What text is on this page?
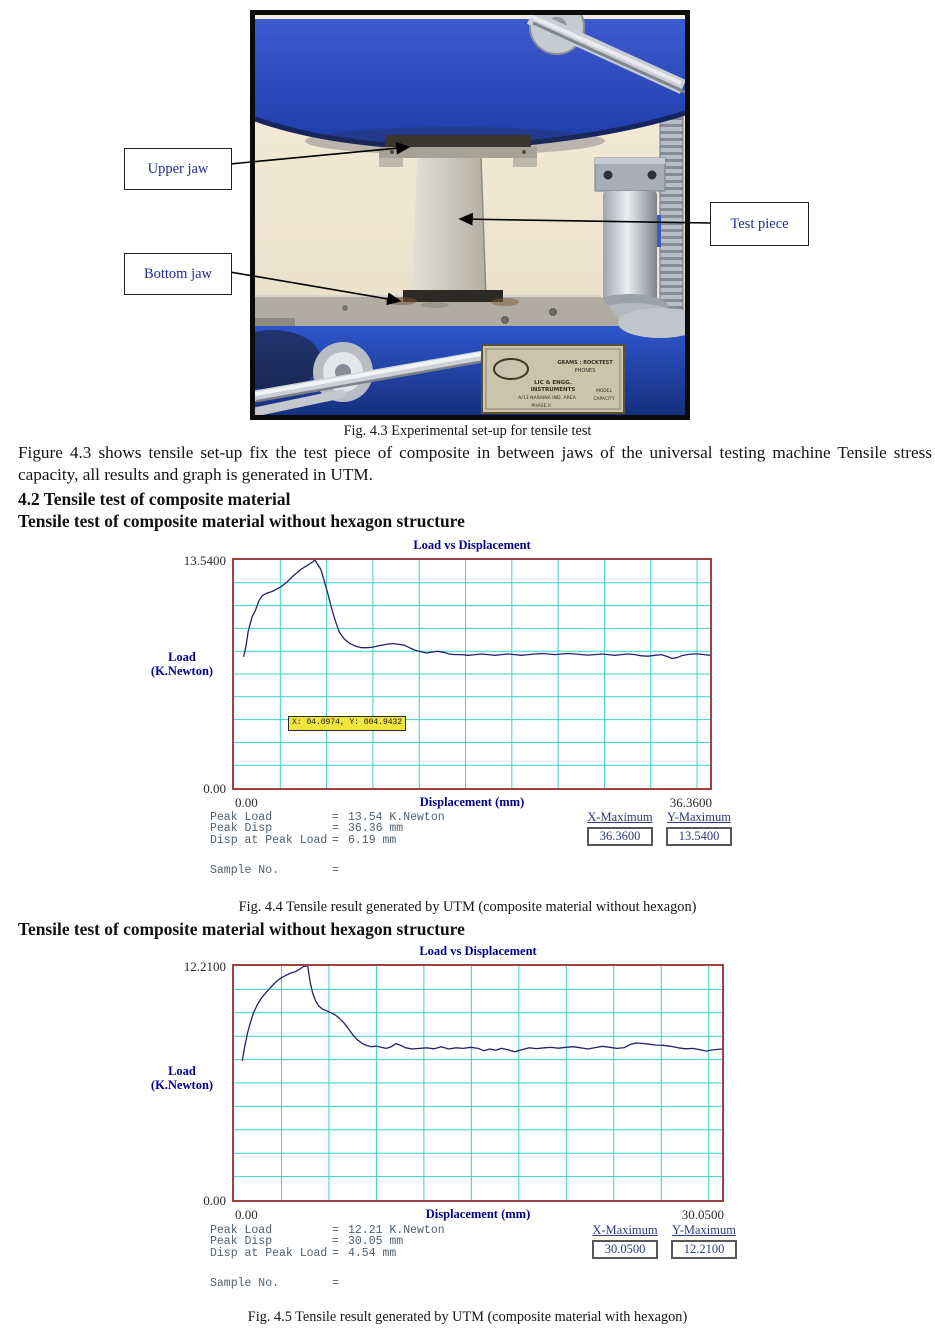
GRAMS : ROCKTEST
PHONES
LIC & ENGG.
INSTRUMENTS
A/13 NARAINA IND. AREA
PHASE II
MODEL
CAPACITY
Upper jaw
Bottom jaw
Test piece
Fig. 4.3 Experimental set-up for tensile test
Figure 4.3 shows tensile set-up fix the test piece of composite in between jaws of the universal testing machine Tensile stress capacity, all results and graph is generated in UTM.
4.2 Tensile test of composite material
Tensile test of composite material without hexagon structure
Load vs Displacement
13.5400
Load
(K.Newton)
X: 04.0974, Y: 004.9432
0.00
0.00	Displacement (mm)	36.3600
Peak Load	= 13.54 K.Newton
Peak Disp	= 36.36 mm
Disp at Peak Load = 6.19 mm
Sample No.	=
X-Maximum
36.3600
Y-Maximum
13.5400
Fig. 4.4 Tensile result generated by UTM (composite material without hexagon)
Tensile test of composite material without hexagon structure
Load vs Displacement
12.2100
Load
(K.Newton)
0.00
0.00	Displacement (mm)	30.0500
Peak Load	= 12.21 K.Newton
Peak Disp	= 30.05 mm
Disp at Peak Load = 4.54 mm
Sample No.	=
X-Maximum
30.0500
Y-Maximum
12.2100
Fig. 4.5 Tensile result generated by UTM (composite material with hexagon)
